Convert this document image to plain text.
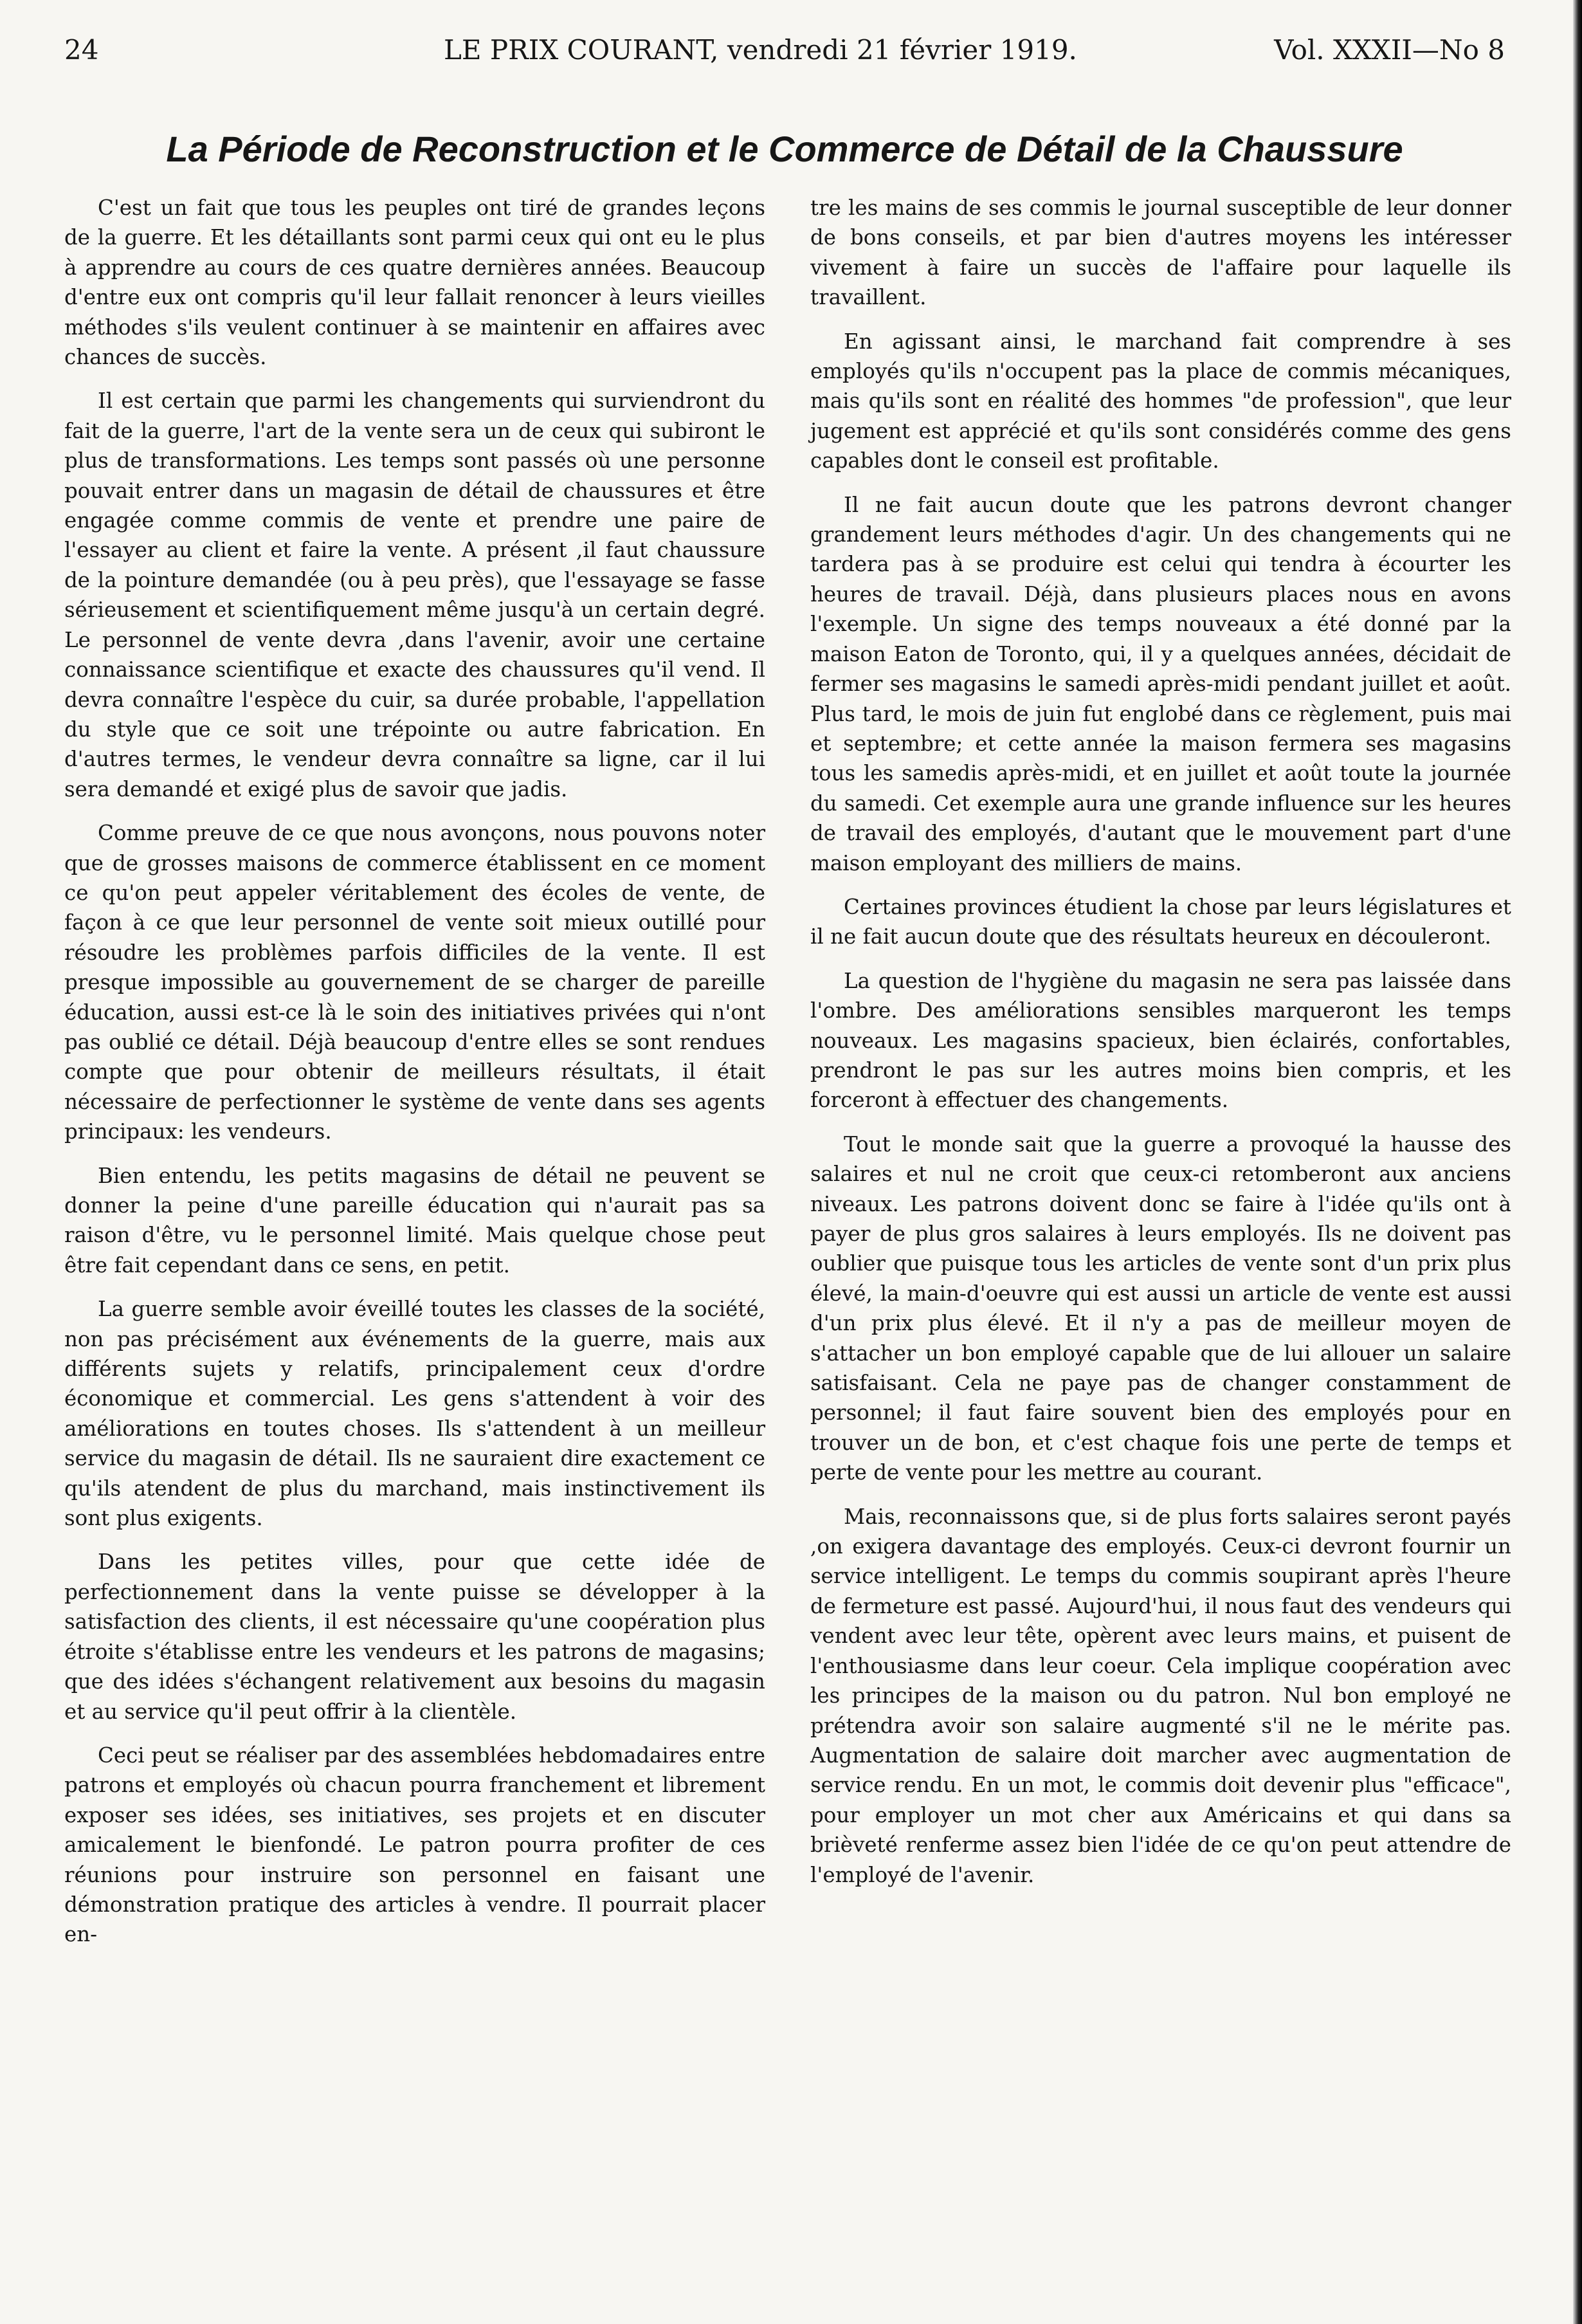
24	LE PRIX COURANT, vendredi 21 février 1919.	Vol. XXXII—No 8
La Période de Reconstruction et le Commerce de Détail de la Chaussure

C'est un fait que tous les peuples ont tiré de grandes leçons de la guerre. Et les détaillants sont parmi ceux qui ont eu le plus à apprendre au cours de ces quatre dernières années. Beaucoup d'entre eux ont compris qu'il leur fallait renoncer à leurs vieilles méthodes s'ils veulent continuer à se maintenir en affaires avec chances de succès.

Il est certain que parmi les changements qui surviendront du fait de la guerre, l'art de la vente sera un de ceux qui subiront le plus de transformations. Les temps sont passés où une personne pouvait entrer dans un magasin de détail de chaussures et être engagée comme commis de vente et prendre une paire de l'essayer au client et faire la vente. A présent ,il faut chaussure de la pointure demandée (ou à peu près), que l'essayage se fasse sérieusement et scientifiquement même jusqu'à un certain degré. Le personnel de vente devra ,dans l'avenir, avoir une certaine connaissance scientifique et exacte des chaussures qu'il vend. Il devra connaître l'espèce du cuir, sa durée probable, l'appellation du style que ce soit une trépointe ou autre fabrication. En d'autres termes, le vendeur devra connaître sa ligne, car il lui sera demandé et exigé plus de savoir que jadis.

Comme preuve de ce que nous avonçons, nous pouvons noter que de grosses maisons de commerce établissent en ce moment ce qu'on peut appeler véritablement des écoles de vente, de façon à ce que leur personnel de vente soit mieux outillé pour résoudre les problèmes parfois difficiles de la vente. Il est presque impossible au gouvernement de se charger de pareille éducation, aussi est-ce là le soin des initiatives privées qui n'ont pas oublié ce détail. Déjà beaucoup d'entre elles se sont rendues compte que pour obtenir de meilleurs résultats, il était nécessaire de perfectionner le système de vente dans ses agents principaux: les vendeurs.

Bien entendu, les petits magasins de détail ne peuvent se donner la peine d'une pareille éducation qui n'aurait pas sa raison d'être, vu le personnel limité. Mais quelque chose peut être fait cependant dans ce sens, en petit.

La guerre semble avoir éveillé toutes les classes de la société, non pas précisément aux événements de la guerre, mais aux différents sujets y relatifs, principalement ceux d'ordre économique et commercial. Les gens s'attendent à voir des améliorations en toutes choses. Ils s'attendent à un meilleur service du magasin de détail. Ils ne sauraient dire exactement ce qu'ils atendent de plus du marchand, mais instinctivement ils sont plus exigents.

Dans les petites villes, pour que cette idée de perfectionnement dans la vente puisse se développer à la satisfaction des clients, il est nécessaire qu'une coopération plus étroite s'établisse entre les vendeurs et les patrons de magasins; que des idées s'échangent relativement aux besoins du magasin et au service qu'il peut offrir à la clientèle.

Ceci peut se réaliser par des assemblées hebdomadaires entre patrons et employés où chacun pourra franchement et librement exposer ses idées, ses initiatives, ses projets et en discuter amicalement le bienfondé. Le patron pourra profiter de ces réunions pour instruire son personnel en faisant une démonstration pratique des articles à vendre. Il pourrait placer en-

tre les mains de ses commis le journal susceptible de leur donner de bons conseils, et par bien d'autres moyens les intéresser vivement à faire un succès de l'affaire pour laquelle ils travaillent.

En agissant ainsi, le marchand fait comprendre à ses employés qu'ils n'occupent pas la place de commis mécaniques, mais qu'ils sont en réalité des hommes "de profession", que leur jugement est apprécié et qu'ils sont considérés comme des gens capables dont le conseil est profitable.

Il ne fait aucun doute que les patrons devront changer grandement leurs méthodes d'agir. Un des changements qui ne tardera pas à se produire est celui qui tendra à écourter les heures de travail. Déjà, dans plusieurs places nous en avons l'exemple. Un signe des temps nouveaux a été donné par la maison Eaton de Toronto, qui, il y a quelques années, décidait de fermer ses magasins le samedi après-midi pendant juillet et août. Plus tard, le mois de juin fut englobé dans ce règlement, puis mai et septembre; et cette année la maison fermera ses magasins tous les samedis après-midi, et en juillet et août toute la journée du samedi. Cet exemple aura une grande influence sur les heures de travail des employés, d'autant que le mouvement part d'une maison employant des milliers de mains.

Certaines provinces étudient la chose par leurs législatures et il ne fait aucun doute que des résultats heureux en découleront.

La question de l'hygiène du magasin ne sera pas laissée dans l'ombre. Des améliorations sensibles marqueront les temps nouveaux. Les magasins spacieux, bien éclairés, confortables, prendront le pas sur les autres moins bien compris, et les forceront à effectuer des changements.

Tout le monde sait que la guerre a provoqué la hausse des salaires et nul ne croit que ceux-ci retomberont aux anciens niveaux. Les patrons doivent donc se faire à l'idée qu'ils ont à payer de plus gros salaires à leurs employés. Ils ne doivent pas oublier que puisque tous les articles de vente sont d'un prix plus élevé, la main-d'oeuvre qui est aussi un article de vente est aussi d'un prix plus élevé. Et il n'y a pas de meilleur moyen de s'attacher un bon employé capable que de lui allouer un salaire satisfaisant. Cela ne paye pas de changer constamment de personnel; il faut faire souvent bien des employés pour en trouver un de bon, et c'est chaque fois une perte de temps et perte de vente pour les mettre au courant.

Mais, reconnaissons que, si de plus forts salaires seront payés ,on exigera davantage des employés. Ceux-ci devront fournir un service intelligent. Le temps du commis soupirant après l'heure de fermeture est passé. Aujourd'hui, il nous faut des vendeurs qui vendent avec leur tête, opèrent avec leurs mains, et puisent de l'enthousiasme dans leur coeur. Cela implique coopération avec les principes de la maison ou du patron. Nul bon employé ne prétendra avoir son salaire augmenté s'il ne le mérite pas. Augmentation de salaire doit marcher avec augmentation de service rendu. En un mot, le commis doit devenir plus "efficace", pour employer un mot cher aux Américains et qui dans sa brièveté renferme assez bien l'idée de ce qu'on peut attendre de l'employé de l'avenir.
